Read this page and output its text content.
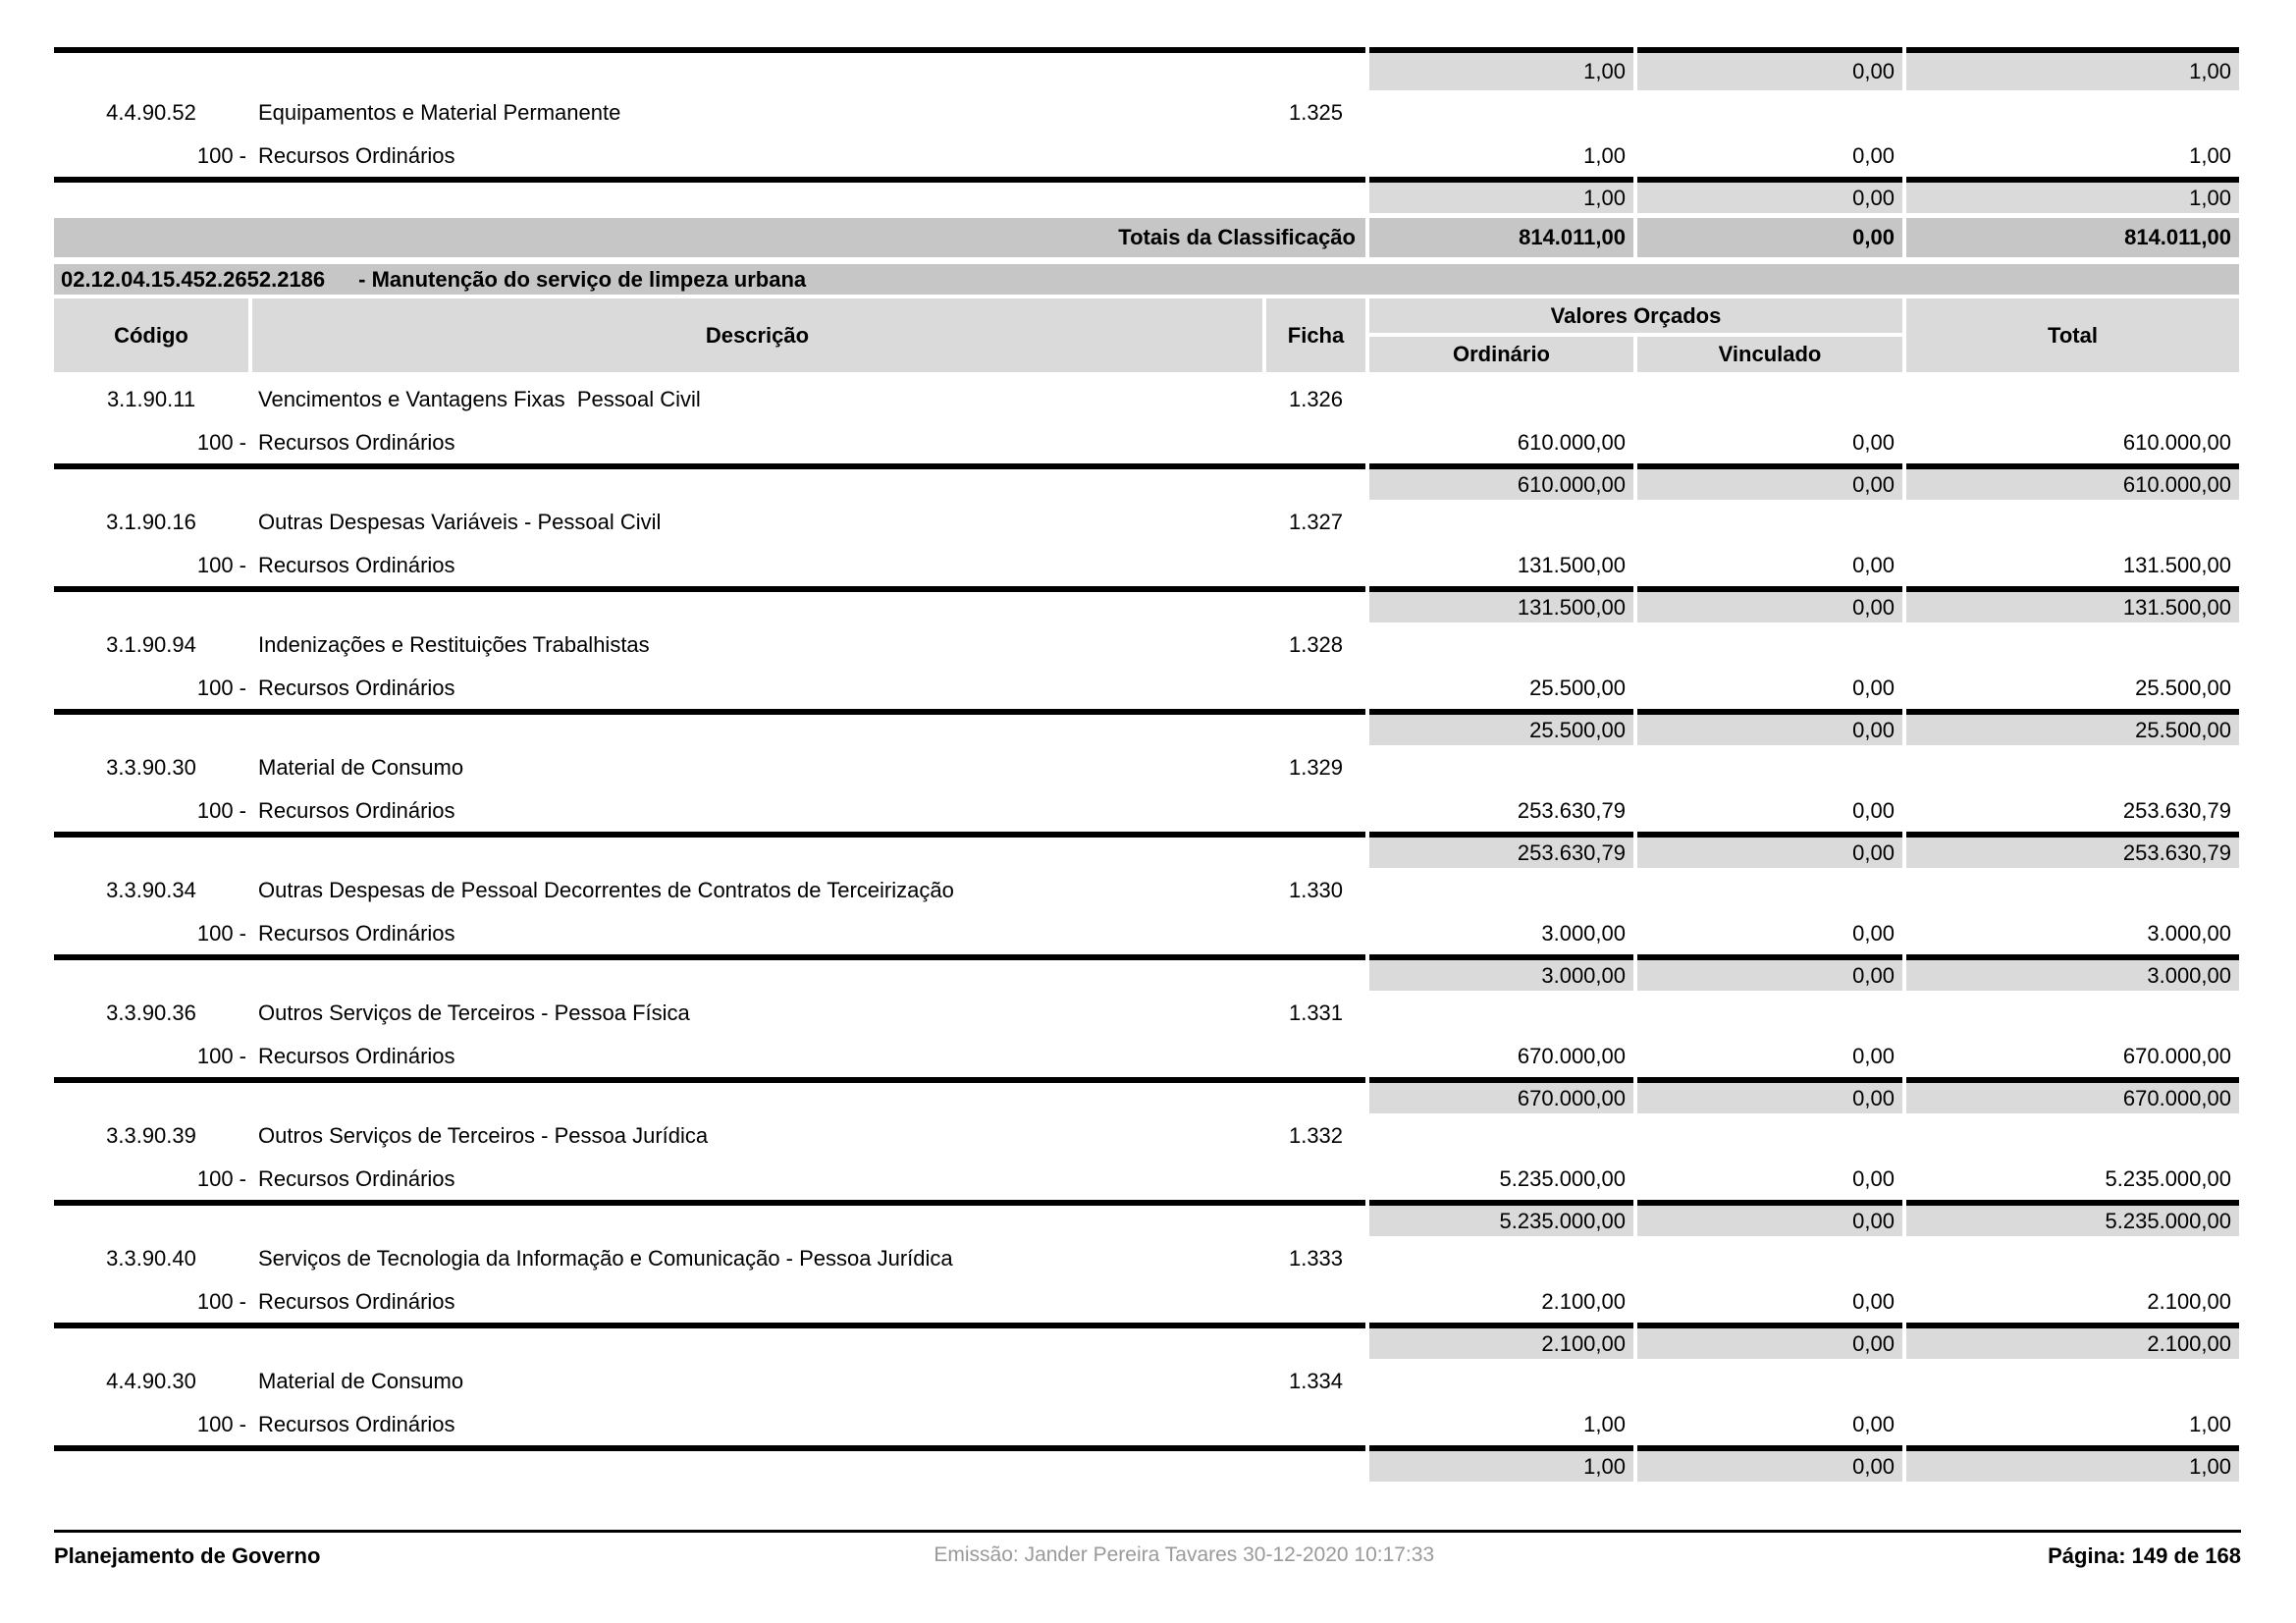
1,00	0,00	1,00
4.4.90.52	Equipamentos e Material Permanente	1.325
100 - Recursos Ordinários	1,00	0,00	1,00
1,00	0,00	1,00
Totais da Classificação	814.011,00	0,00	814.011,00
02.12.04.15.452.2652.2186 - Manutenção do serviço de limpeza urbana
Código	Descrição	Ficha
Valores Orçados
Ordinário	Vinculado
Total
3.1.90.11	Vencimentos e Vantagens Fixas  Pessoal Civil	1.326
100 - Recursos Ordinários	610.000,00	0,00	610.000,00
610.000,00	0,00	610.000,00
3.1.90.16	Outras Despesas Variáveis - Pessoal Civil	1.327
100 - Recursos Ordinários	131.500,00	0,00	131.500,00
131.500,00	0,00	131.500,00
3.1.90.94	Indenizações e Restituições Trabalhistas	1.328
100 - Recursos Ordinários	25.500,00	0,00	25.500,00
25.500,00	0,00	25.500,00
3.3.90.30	Material de Consumo	1.329
100 - Recursos Ordinários	253.630,79	0,00	253.630,79
253.630,79	0,00	253.630,79
3.3.90.34	Outras Despesas de Pessoal Decorrentes de Contratos de Terceirização	1.330
100 - Recursos Ordinários	3.000,00	0,00	3.000,00
3.000,00	0,00	3.000,00
3.3.90.36	Outros Serviços de Terceiros - Pessoa Física	1.331
100 - Recursos Ordinários	670.000,00	0,00	670.000,00
670.000,00	0,00	670.000,00
3.3.90.39	Outros Serviços de Terceiros - Pessoa Jurídica	1.332
100 - Recursos Ordinários	5.235.000,00	0,00	5.235.000,00
5.235.000,00	0,00	5.235.000,00
3.3.90.40	Serviços de Tecnologia da Informação e Comunicação - Pessoa Jurídica	1.333
100 - Recursos Ordinários	2.100,00	0,00	2.100,00
2.100,00	0,00	2.100,00
4.4.90.30	Material de Consumo	1.334
100 - Recursos Ordinários	1,00	0,00	1,00
1,00	0,00	1,00
Planejamento de Governo	Emissão: Jander Pereira Tavares 30-12-2020 10:17:33	Página: 149 de 168
